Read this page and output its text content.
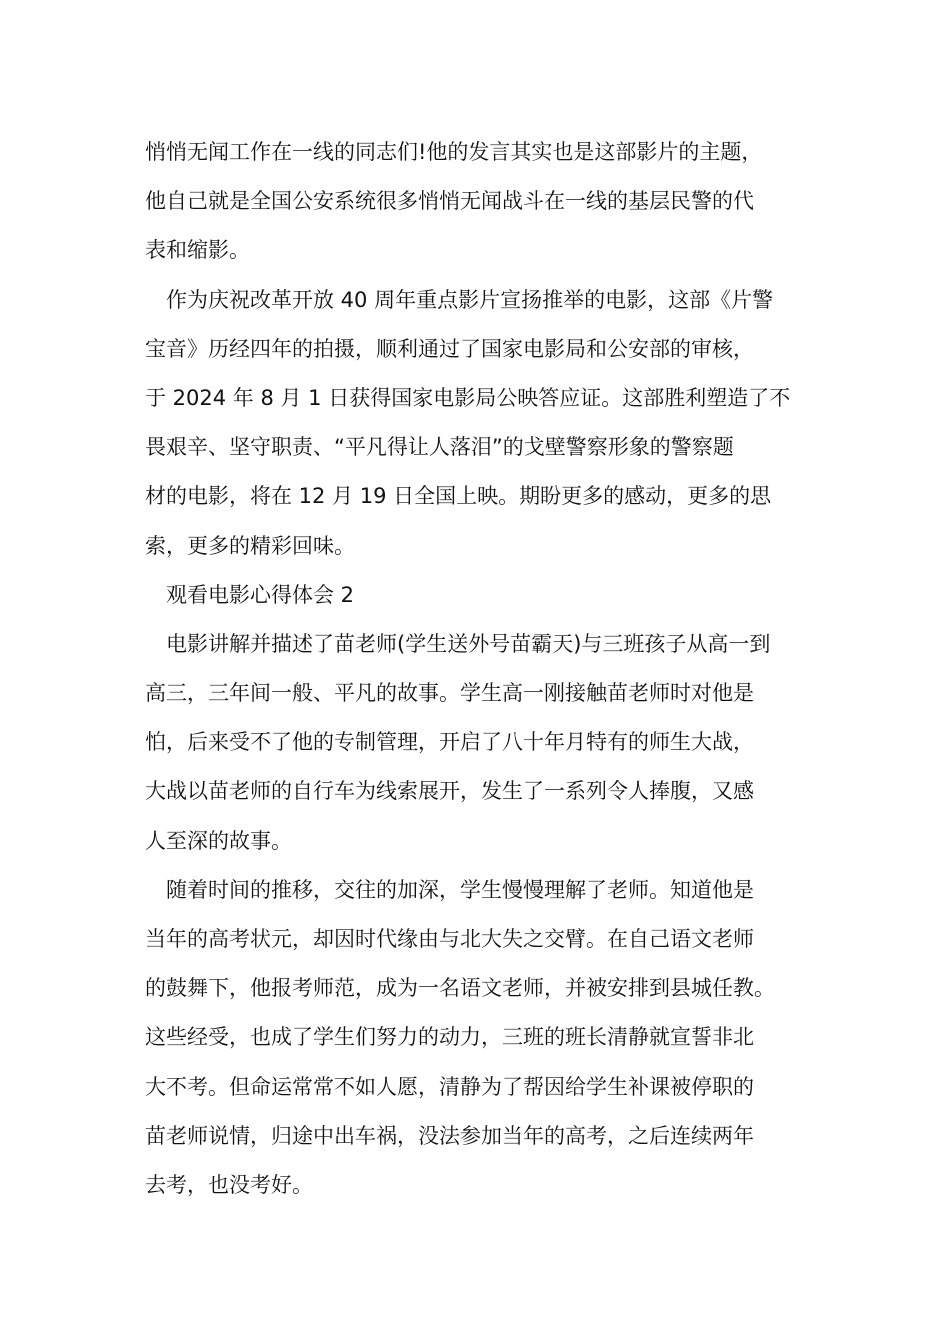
悄悄无闻工作在一线的同志们!他的发言其实也是这部影片的主题，
他自己就是全国公安系统很多悄悄无闻战斗在一线的基层民警的代
表和缩影。
作为庆祝改革开放 40 周年重点影片宣扬推举的电影，这部《片警
宝音》历经四年的拍摄，顺利通过了国家电影局和公安部的审核，
于 2024 年 8 月 1 日获得国家电影局公映答应证。这部胜利塑造了不
畏艰辛、坚守职责、“平凡得让人落泪”的戈壁警察形象的警察题
材的电影，将在 12 月 19 日全国上映。期盼更多的感动，更多的思
索，更多的精彩回味。
观看电影心得体会 2
电影讲解并描述了苗老师(学生送外号苗霸天)与三班孩子从高一到
高三，三年间一般、平凡的故事。学生高一刚接触苗老师时对他是
怕，后来受不了他的专制管理，开启了八十年月特有的师生大战，
大战以苗老师的自行车为线索展开，发生了一系列令人捧腹，又感
人至深的故事。
随着时间的推移，交往的加深，学生慢慢理解了老师。知道他是
当年的高考状元，却因时代缘由与北大失之交臂。在自己语文老师
的鼓舞下，他报考师范，成为一名语文老师，并被安排到县城任教。
这些经受，也成了学生们努力的动力，三班的班长清静就宣誓非北
大不考。但命运常常不如人愿，清静为了帮因给学生补课被停职的
苗老师说情，归途中出车祸，没法参加当年的高考，之后连续两年
去考，也没考好。
